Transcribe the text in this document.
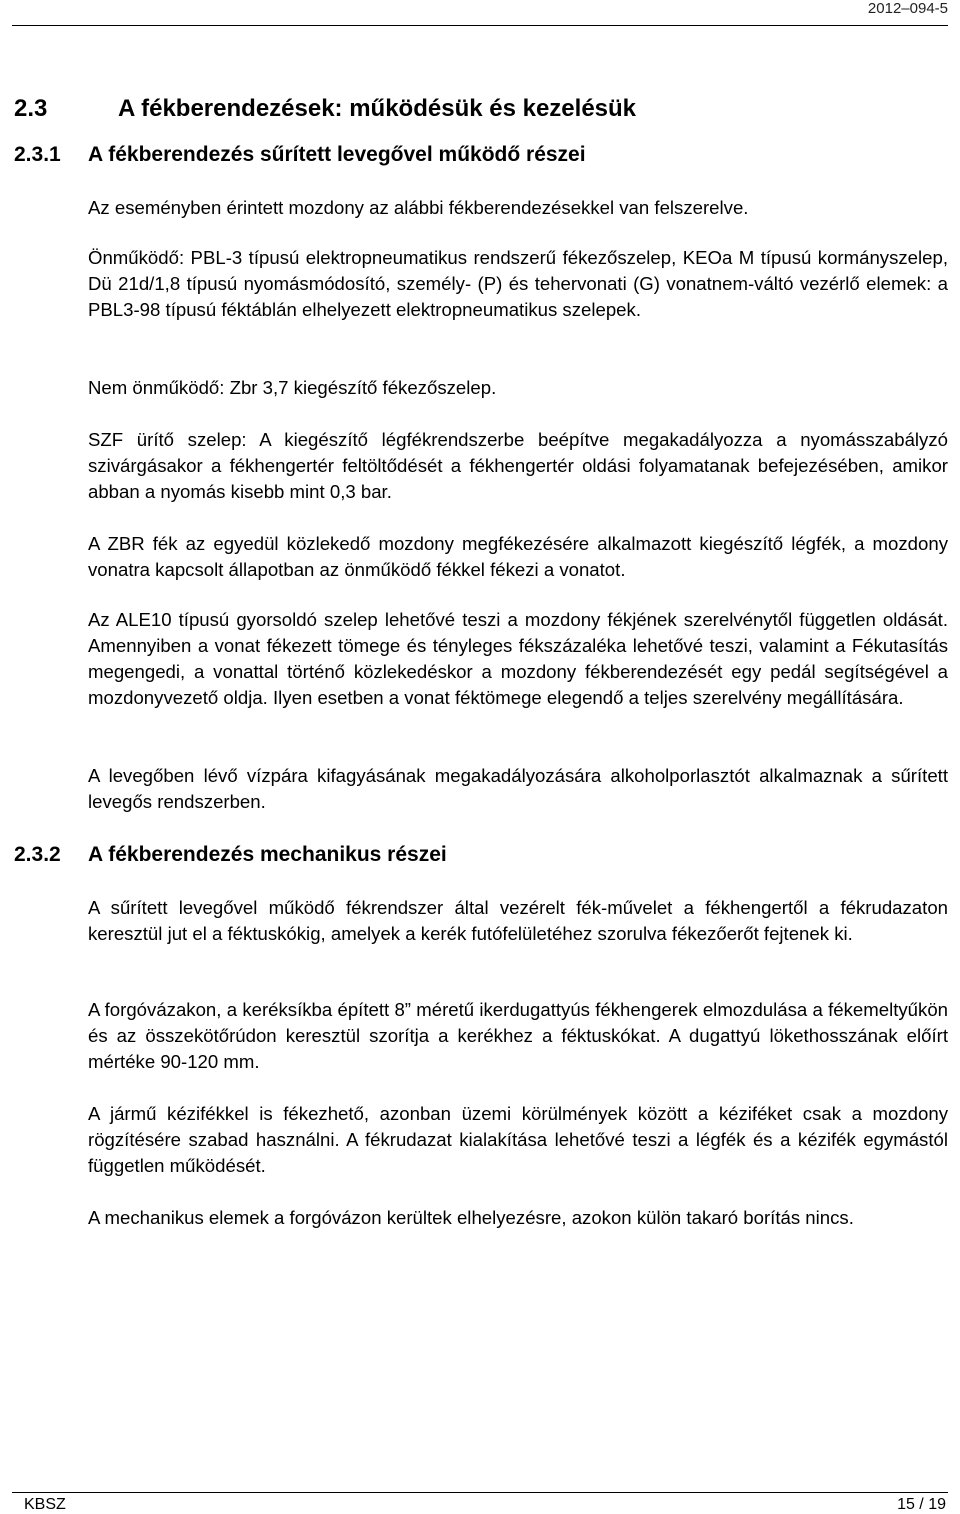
2012–094-5
2.3	A fékberendezések: működésük és kezelésük
2.3.1 A fékberendezés sűrített levegővel működő részei
Az eseményben érintett mozdony az alábbi fékberendezésekkel van felszerelve.
Önműködő: PBL-3 típusú elektropneumatikus rendszerű fékezőszelep, KEOa M típusú kormányszelep, Dü 21d/1,8 típusú nyomásmódosító, személy- (P) és tehervonati (G) vonatnem-váltó vezérlő elemek: a PBL3-98 típusú féktáblán elhelyezett elektropneumatikus szelepek.
Nem önműködő: Zbr 3,7 kiegészítő fékezőszelep.
SZF ürítő szelep: A kiegészítő légfékrendszerbe beépítve megakadályozza a nyomásszabályzó szivárgásakor a fékhengertér feltöltődését a fékhengertér oldási folyamatanak befejezésében, amikor abban a nyomás kisebb mint 0,3 bar.
A ZBR fék az egyedül közlekedő mozdony megfékezésére alkalmazott kiegészítő légfék, a mozdony vonatra kapcsolt állapotban az önműködő fékkel fékezi a vonatot.
Az ALE10 típusú gyorsoldó szelep lehetővé teszi a mozdony fékjének szerelvénytől független oldását. Amennyiben a vonat fékezett tömege és tényleges fékszázaléka lehetővé teszi, valamint a Fékutasítás megengedi, a vonattal történő közlekedéskor a mozdony fékberendezését egy pedál segítségével a mozdonyvezető oldja. Ilyen esetben a vonat féktömege elegendő a teljes szerelvény megállítására.
A levegőben lévő vízpára kifagyásának megakadályozására alkoholporlasztót alkalmaznak a sűrített levegős rendszerben.
2.3.2 A fékberendezés mechanikus részei
A sűrített levegővel működő fékrendszer által vezérelt fék-művelet a fékhengertől a fékrudazaton keresztül jut el a féktuskókig, amelyek a kerék futófelületéhez szorulva fékezőerőt fejtenek ki.
A forgóvázakon, a keréksíkba épített 8” méretű ikerdugattyús fékhengerek elmozdulása a fékemeltyűkön és az összekötőrúdon keresztül szorítja a kerékhez a féktuskókat. A dugattyú lökethosszának előírt mértéke 90-120 mm.
A jármű kézifékkel is fékezhető, azonban üzemi körülmények között a kéziféket csak a mozdony rögzítésére szabad használni. A fékrudazat kialakítása lehetővé teszi a légfék és a kézifék egymástól független működését.
A mechanikus elemek a forgóvázon kerültek elhelyezésre, azokon külön takaró borítás nincs.
KBSZ	15 / 19
